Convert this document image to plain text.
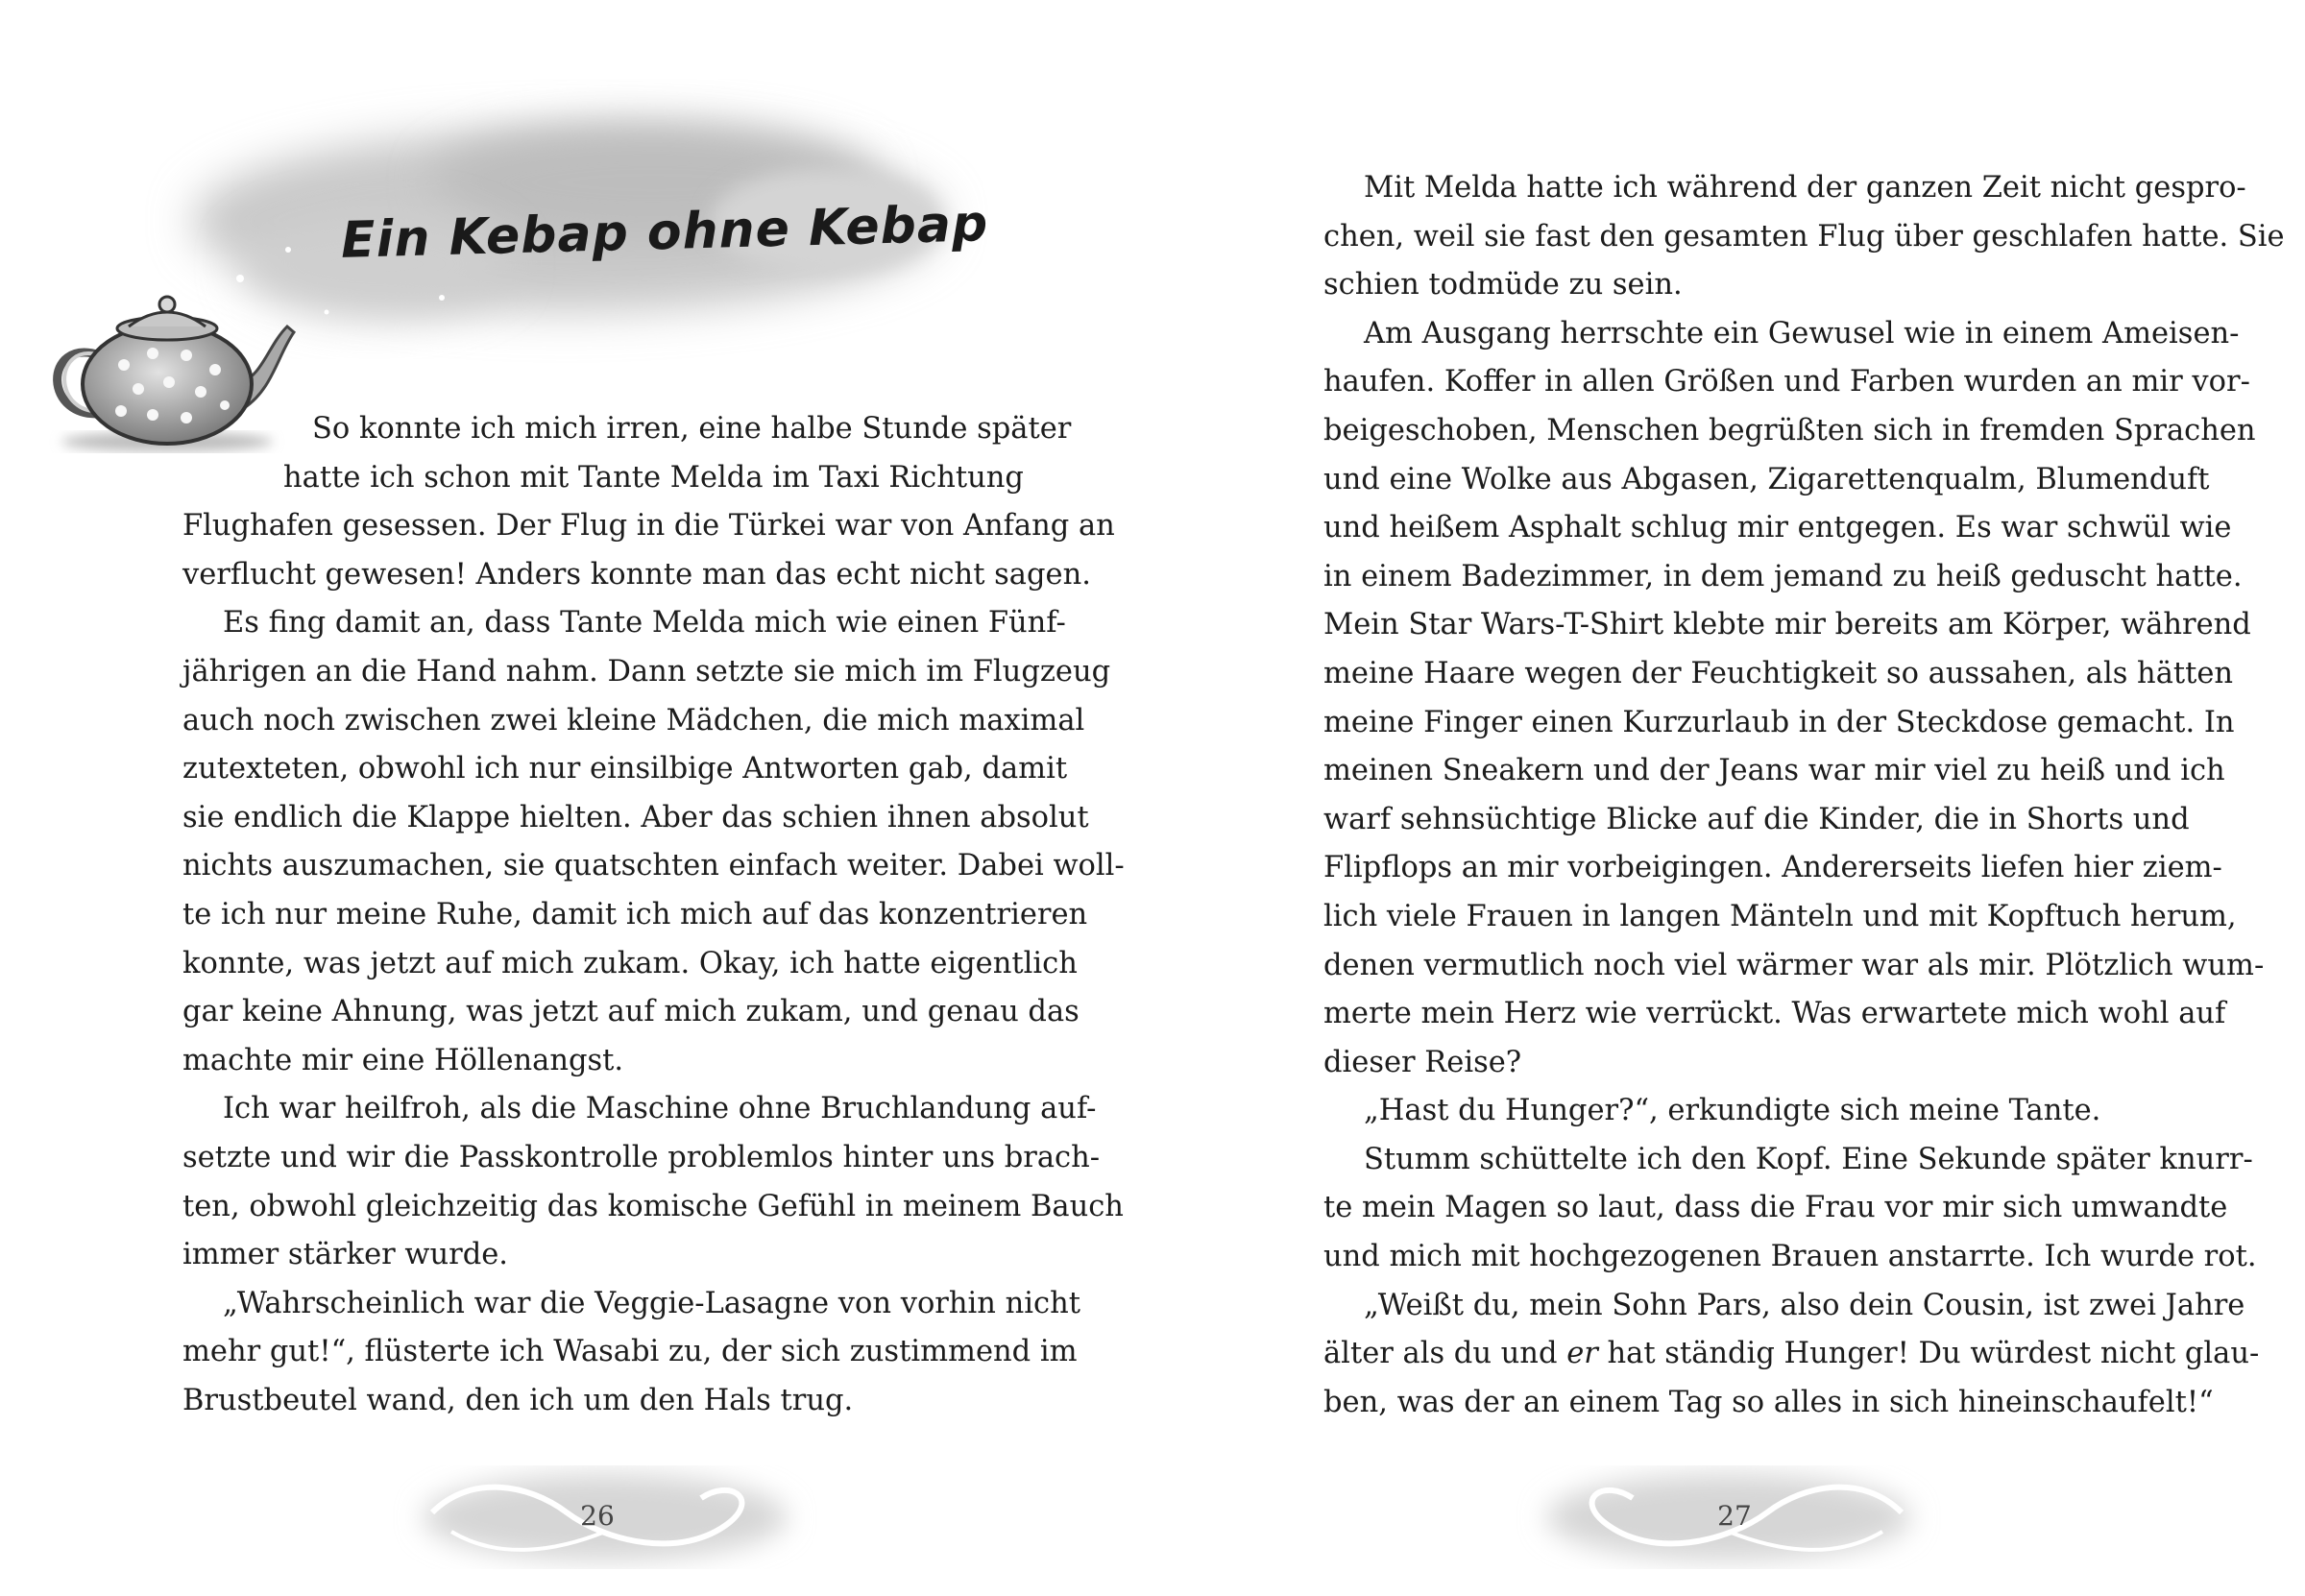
Ein Kebap ohne Kebap
So konnte ich mich irren, eine halbe Stunde später
hatte ich schon mit Tante Melda im Taxi Richtung
Flughafen gesessen. Der Flug in die Türkei war von Anfang an
verflucht gewesen! Anders konnte man das echt nicht sagen.
Es fing damit an, dass Tante Melda mich wie einen Fünf-
jährigen an die Hand nahm. Dann setzte sie mich im Flugzeug
auch noch zwischen zwei kleine Mädchen, die mich maximal
zutexteten, obwohl ich nur einsilbige Antworten gab, damit
sie endlich die Klappe hielten. Aber das schien ihnen absolut
nichts auszumachen, sie quatschten einfach weiter. Dabei woll-
te ich nur meine Ruhe, damit ich mich auf das konzentrieren
konnte, was jetzt auf mich zukam. Okay, ich hatte eigentlich
gar keine Ahnung, was jetzt auf mich zukam, und genau das
machte mir eine Höllenangst.
Ich war heilfroh, als die Maschine ohne Bruchlandung auf-
setzte und wir die Passkontrolle problemlos hinter uns brach-
ten, obwohl gleichzeitig das komische Gefühl in meinem Bauch
immer stärker wurde.
„Wahrscheinlich war die Veggie-Lasagne von vorhin nicht
mehr gut!“, flüsterte ich Wasabi zu, der sich zustimmend im
Brustbeutel wand, den ich um den Hals trug.
Mit Melda hatte ich während der ganzen Zeit nicht gespro-
chen, weil sie fast den gesamten Flug über geschlafen hatte. Sie
schien todmüde zu sein.
Am Ausgang herrschte ein Gewusel wie in einem Ameisen-
haufen. Koffer in allen Größen und Farben wurden an mir vor-
beigeschoben, Menschen begrüßten sich in fremden Sprachen
und eine Wolke aus Abgasen, Zigarettenqualm, Blumenduft
und heißem Asphalt schlug mir entgegen. Es war schwül wie
in einem Badezimmer, in dem jemand zu heiß geduscht hatte.
Mein Star Wars-T-Shirt klebte mir bereits am Körper, während
meine Haare wegen der Feuchtigkeit so aussahen, als hätten
meine Finger einen Kurzurlaub in der Steckdose gemacht. In
meinen Sneakern und der Jeans war mir viel zu heiß und ich
warf sehnsüchtige Blicke auf die Kinder, die in Shorts und
Flipflops an mir vorbeigingen. Andererseits liefen hier ziem-
lich viele Frauen in langen Mänteln und mit Kopftuch herum,
denen vermutlich noch viel wärmer war als mir. Plötzlich wum-
merte mein Herz wie verrückt. Was erwartete mich wohl auf
dieser Reise?
„Hast du Hunger?“, erkundigte sich meine Tante.
Stumm schüttelte ich den Kopf. Eine Sekunde später knurr-
te mein Magen so laut, dass die Frau vor mir sich umwandte
und mich mit hochgezogenen Brauen anstarrte. Ich wurde rot.
„Weißt du, mein Sohn Pars, also dein Cousin, ist zwei Jahre
älter als du und er hat ständig Hunger! Du würdest nicht glau-
ben, was der an einem Tag so alles in sich hineinschaufelt!“
26	27
